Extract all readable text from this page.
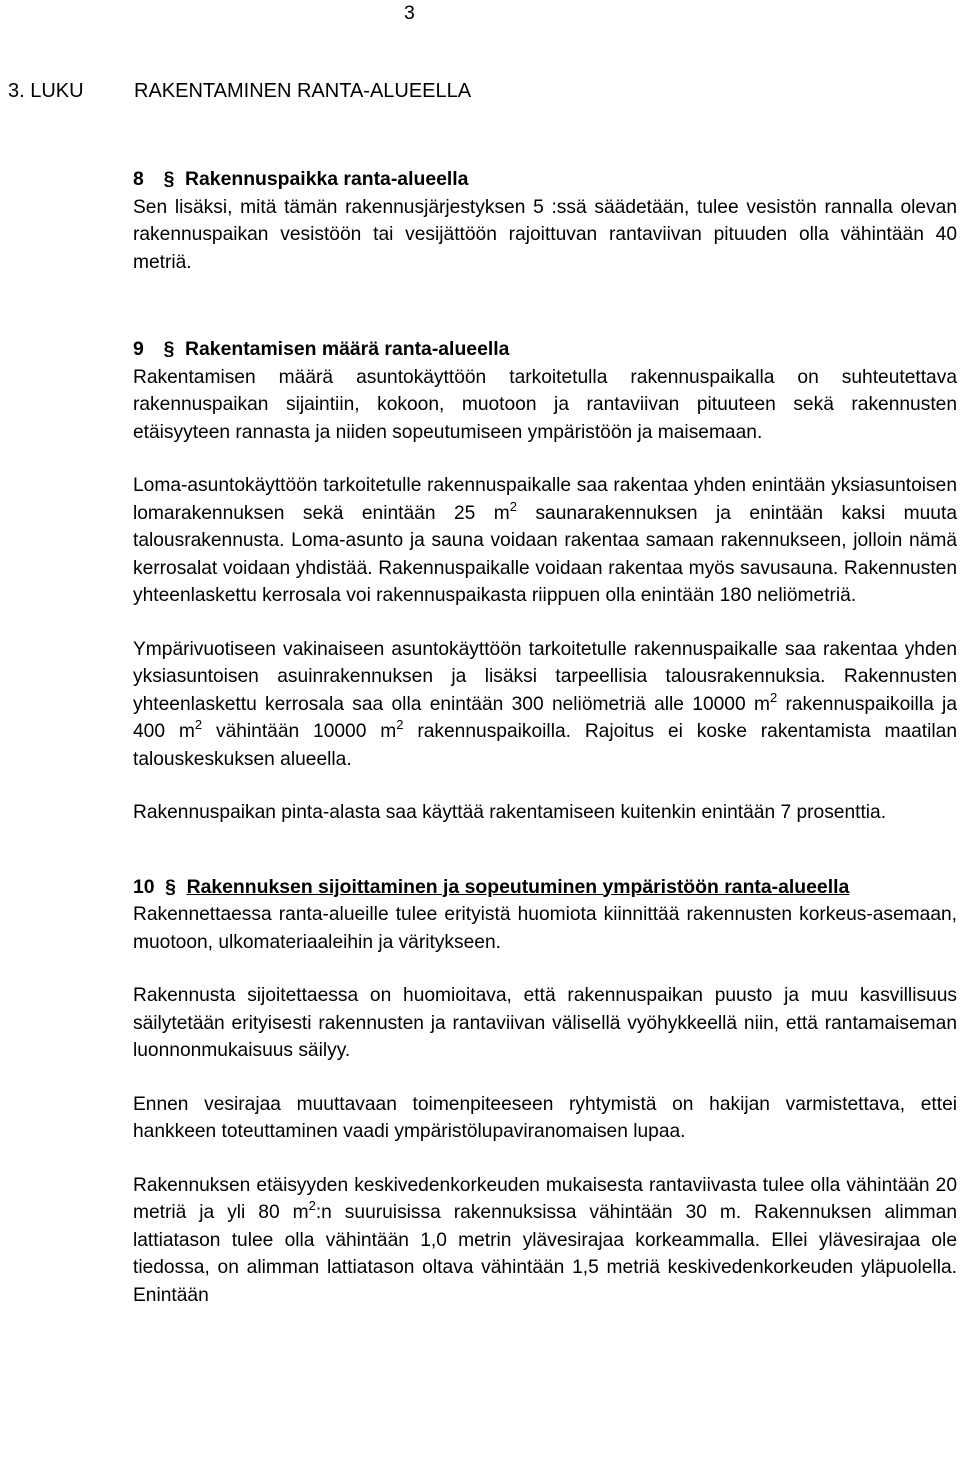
3
3. LUKU	RAKENTAMINEN RANTA-ALUEELLA
8 § Rakennuspaikka ranta-alueella

Sen lisäksi, mitä tämän rakennusjärjestyksen 5 :ssä säädetään, tulee vesistön rannalla olevan rakennuspaikan vesistöön tai vesijättöön rajoittuvan rantaviivan pituuden olla vähintään 40 metriä.

9 § Rakentamisen määrä ranta-alueella

Rakentamisen määrä asuntokäyttöön tarkoitetulla rakennuspaikalla on suhteutettava rakennuspaikan sijaintiin, kokoon, muotoon ja rantaviivan pituuteen sekä rakennusten etäisyyteen rannasta ja niiden sopeutumiseen ympäristöön ja maisemaan.

Loma-asuntokäyttöön tarkoitetulle rakennuspaikalle saa rakentaa yhden enintään yksiasuntoisen lomarakennuksen sekä enintään 25 $m^2$ saunarakennuksen ja enintään kaksi muuta talousrakennusta. Loma-asunto ja sauna voidaan rakentaa samaan rakennukseen, jolloin nämä kerrosalat voidaan yhdistää. Rakennuspaikalle voidaan rakentaa myös savusauna. Rakennusten yhteenlaskettu kerrosala voi rakennuspaikasta riippuen olla enintään 180 neliömetriä.

Ympärivuotiseen vakinaiseen asuntokäyttöön tarkoitetulle rakennuspaikalle saa rakentaa yhden yksiasuntoisen asuinrakennuksen ja lisäksi tarpeellisia talousrakennuksia. Rakennusten yhteenlaskettu kerrosala saa olla enintään 300 neliömetriä alle 10000 $m^2$ rakennuspaikoilla ja 400 $m^2$ vähintään 10000 $m^2$ rakennuspaikoilla. Rajoitus ei koske rakentamista maatilan talouskeskuksen alueella.

Rakennuspaikan pinta-alasta saa käyttää rakentamiseen kuitenkin enintään 7 prosenttia.

10 § Rakennuksen sijoittaminen ja sopeutuminen ympäristöön ranta-alueella

Rakennettaessa ranta-alueille tulee erityistä huomiota kiinnittää rakennusten korkeus-asemaan, muotoon, ulkomateriaaleihin ja väritykseen.

Rakennusta sijoitettaessa on huomioitava, että rakennuspaikan puusto ja muu kasvillisuus säilytetään erityisesti rakennusten ja rantaviivan välisellä vyöhykkeellä niin, että rantamaiseman luonnonmukaisuus säilyy.

Ennen vesirajaa muuttavaan toimenpiteeseen ryhtymistä on hakijan varmistettava, ettei hankkeen toteuttaminen vaadi ympäristölupaviranomaisen lupaa.

Rakennuksen etäisyyden keskivedenkorkeuden mukaisesta rantaviivasta tulee olla vähintään 20 metriä ja yli 80 $m^2:n$ suuruisissa rakennuksissa vähintään 30 m. Rakennuksen alimman lattiatason tulee olla vähintään 1,0 metrin ylävesirajaa korkeammalla. Ellei ylävesirajaa ole tiedossa, on alimman lattiatason oltava vähintään 1,5 metriä keskivedenkorkeuden yläpuolella. Enintään
